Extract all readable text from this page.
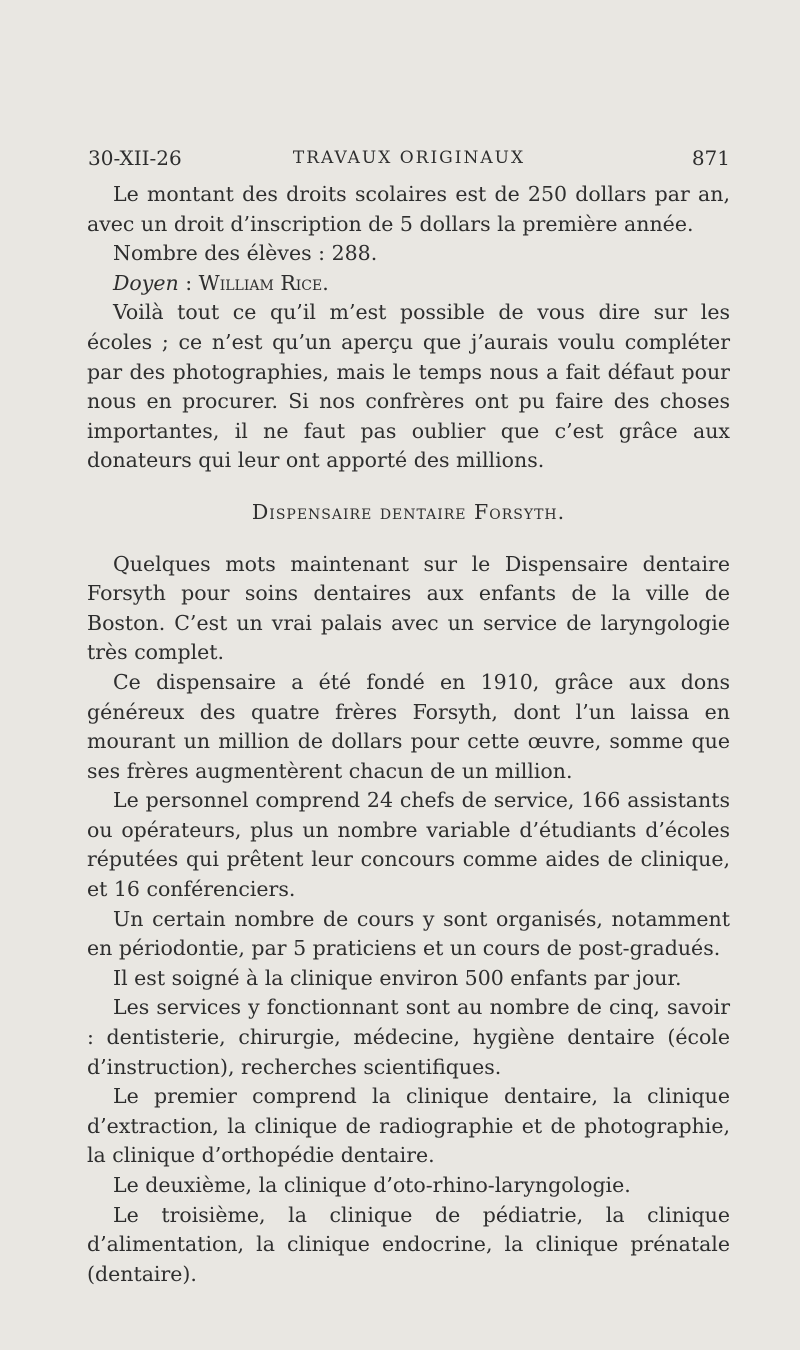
30-XII-26	TRAVAUX ORIGINAUX	871

Le montant des droits scolaires est de 250 dollars par an, avec un droit d’inscription de 5 dollars la première année.

Nombre des élèves : 288.

Doyen : William Rice.

Voilà tout ce qu’il m’est possible de vous dire sur les écoles ; ce n’est qu’un aperçu que j’aurais voulu compléter par des photographies, mais le temps nous a fait défaut pour nous en procurer. Si nos confrères ont pu faire des choses importantes, il ne faut pas oublier que c’est grâce aux donateurs qui leur ont apporté des millions.

Dispensaire dentaire Forsyth.

Quelques mots maintenant sur le Dispensaire dentaire Forsyth pour soins dentaires aux enfants de la ville de Boston. C’est un vrai palais avec un service de laryngologie très complet.

Ce dispensaire a été fondé en 1910, grâce aux dons généreux des quatre frères Forsyth, dont l’un laissa en mourant un million de dollars pour cette œuvre, somme que ses frères augmentèrent chacun de un million.

Le personnel comprend 24 chefs de service, 166 assistants ou opérateurs, plus un nombre variable d’étudiants d’écoles réputées qui prêtent leur concours comme aides de clinique, et 16 conférenciers.

Un certain nombre de cours y sont organisés, notamment en périodontie, par 5 praticiens et un cours de post-gradués.

Il est soigné à la clinique environ 500 enfants par jour.

Les services y fonctionnant sont au nombre de cinq, savoir : dentisterie, chirurgie, médecine, hygiène dentaire (école d’instruction), recherches scientifiques.

Le premier comprend la clinique dentaire, la clinique d’extraction, la clinique de radiographie et de photographie, la clinique d’orthopédie dentaire.

Le deuxième, la clinique d’oto-rhino-laryngologie.

Le troisième, la clinique de pédiatrie, la clinique d’alimentation, la clinique endocrine, la clinique prénatale (dentaire).
